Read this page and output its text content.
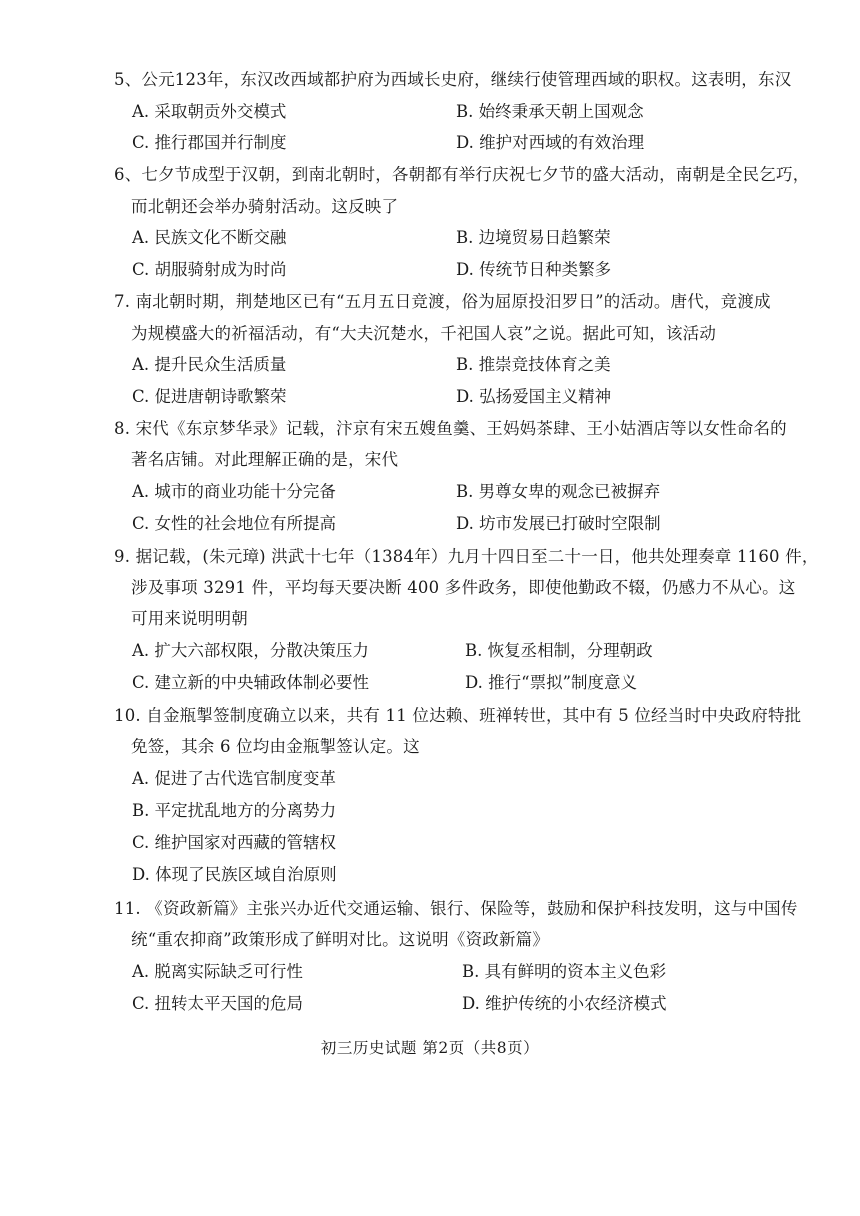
5、公元123年，东汉改西域都护府为西域长史府，继续行使管理西域的职权。这表明，东汉
A. 采取朝贡外交模式	B. 始终秉承天朝上国观念
C. 推行郡国并行制度	D. 维护对西域的有效治理
6、七夕节成型于汉朝，到南北朝时，各朝都有举行庆祝七夕节的盛大活动，南朝是全民乞巧，
而北朝还会举办骑射活动。这反映了
A. 民族文化不断交融	B. 边境贸易日趋繁荣
C. 胡服骑射成为时尚	D. 传统节日种类繁多
7. 南北朝时期，荆楚地区已有“五月五日竞渡，俗为屈原投汨罗日”的活动。唐代，竞渡成
为规模盛大的祈福活动，有“大夫沉楚水，千祀国人哀”之说。据此可知，该活动
A. 提升民众生活质量	B. 推崇竞技体育之美
C. 促进唐朝诗歌繁荣	D. 弘扬爱国主义精神
8. 宋代《东京梦华录》记载，汴京有宋五嫂鱼羹、王妈妈茶肆、王小姑酒店等以女性命名的
著名店铺。对此理解正确的是，宋代
A. 城市的商业功能十分完备	B. 男尊女卑的观念已被摒弃
C. 女性的社会地位有所提高	D. 坊市发展已打破时空限制
9. 据记载，(朱元璋) 洪武十七年（1384年）九月十四日至二十一日，他共处理奏章 1160 件，
涉及事项 3291 件，平均每天要决断 400 多件政务，即使他勤政不辍，仍感力不从心。这
可用来说明明朝
A. 扩大六部权限，分散决策压力	B. 恢复丞相制，分理朝政
C. 建立新的中央辅政体制必要性	D. 推行“票拟”制度意义
10. 自金瓶掣签制度确立以来，共有 11 位达赖、班禅转世，其中有 5 位经当时中央政府特批
免签，其余 6 位均由金瓶掣签认定。这
A. 促进了古代选官制度变革
B. 平定扰乱地方的分离势力
C. 维护国家对西藏的管辖权
D. 体现了民族区域自治原则
11. 《资政新篇》主张兴办近代交通运输、银行、保险等，鼓励和保护科技发明，这与中国传
统“重农抑商”政策形成了鲜明对比。这说明《资政新篇》
A. 脱离实际缺乏可行性	B. 具有鲜明的资本主义色彩
C. 扭转太平天国的危局	D. 维护传统的小农经济模式
初三历史试题 第2页（共8页）
